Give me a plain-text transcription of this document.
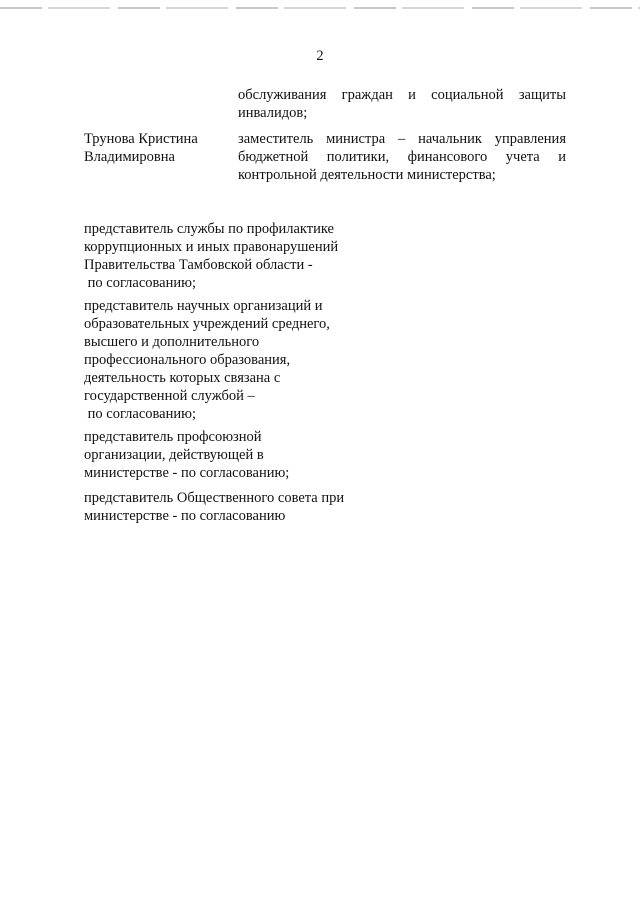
2
обслуживания граждан и социальной защиты
инвалидов;
Трунова Кристина
Владимировна
заместитель министра – начальник управления
бюджетной политики, финансового учета и
контрольной деятельности министерства;
представитель службы по профилактике
коррупционных и иных правонарушений
Правительства Тамбовской области -
по согласованию;
представитель научных организаций и
образовательных учреждений среднего,
высшего и дополнительного
профессионального образования,
деятельность которых связана с
государственной службой –
по согласованию;
представитель профсоюзной
организации, действующей в
министерстве - по согласованию;
представитель Общественного совета при
министерстве - по согласованию
